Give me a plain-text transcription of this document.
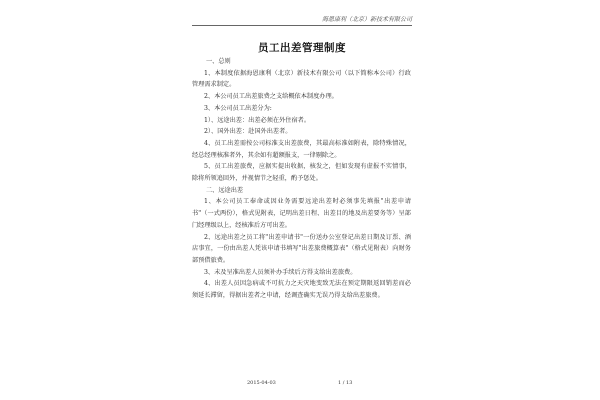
海恩康利（北京）新技术有限公司
员工出差管理制度

一、总则

1、本制度依据海恩康利（北京）新技术有限公司（以下简称本公司）行政管理需求制定。

2、本公司员工出差旅费之支给概依本制度办理。

3、本公司员工出差分为:

1）、远途出差：出差必须在外住宿者。

2）、国外出差：赴国外出差者。

4、员工出差需按公司标准支出差旅费，其最高标准如附表，除特殊情况，经总经理核准者外，其余如有超额报支，一律剔除之。

5、员工出差旅费，应据实提出收据，核发之，但如发现有虚报不实情事，除将所领追回外，并视情节之轻重，酌予惩处。

二、远途出差

1、本公司员工奉命或因业务需要远途出差时必须事先填报"出差申请书"（一式两份），格式见附表，记明出差日程、出差目的地及出差要务等）呈部门经理级以上，经核准后方可出差。

2、远途出差之员工将"出差申请书"一份送办公室登记出差日期及订票、酒店事宜，一份由出差人凭该申请书填写"出差旅费概算表"（格式见附表）向财务部预借旅费。

3、未及呈准出差人员须补办手续后方得支给出差旅费。

4、出差人员因急病或不可抗力之天灾地变致无法在预定期限返回销差而必须延长滞留，得据出差者之申请，经调查确实无误乃得支给出差旅费。

2015-04-03	1 / 13
